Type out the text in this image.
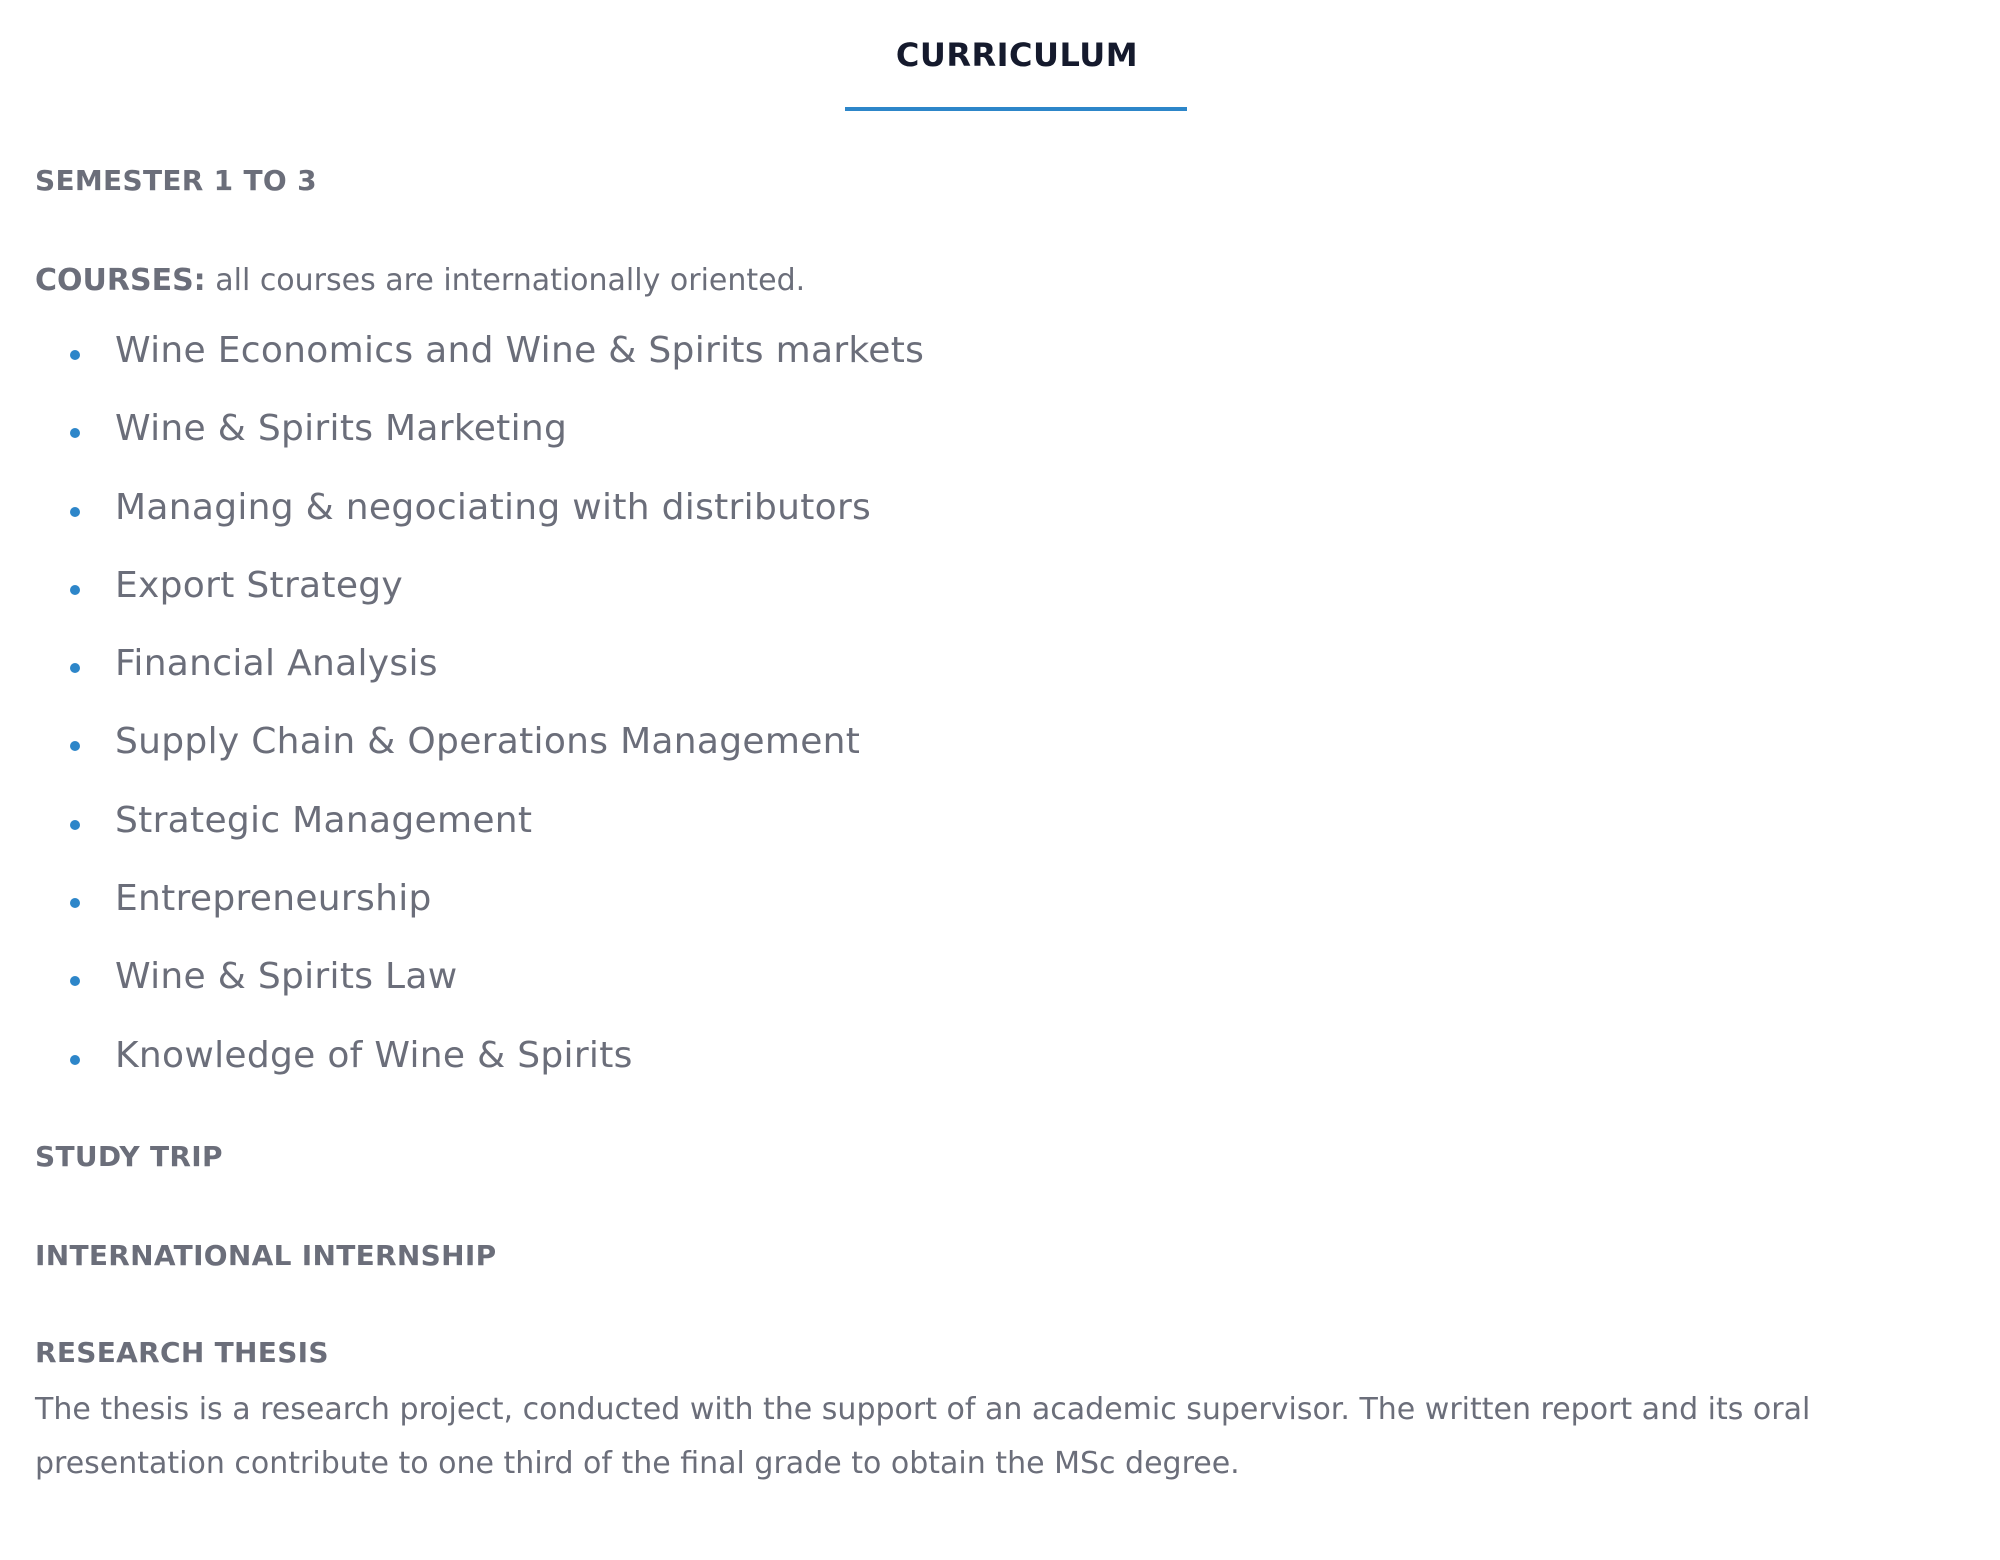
CURRICULUM
SEMESTER 1 TO 3

COURSES: all courses are internationally oriented.

Wine Economics and Wine & Spirits markets
Wine & Spirits Marketing
Managing & negociating with distributors
Export Strategy
Financial Analysis
Supply Chain & Operations Management
Strategic Management
Entrepreneurship
Wine & Spirits Law
Knowledge of Wine & Spirits
STUDY TRIP
INTERNATIONAL INTERNSHIP
RESEARCH THESIS

The thesis is a research project, conducted with the support of an academic supervisor. The written report and its oral presentation contribute to one third of the final grade to obtain the MSc degree.
